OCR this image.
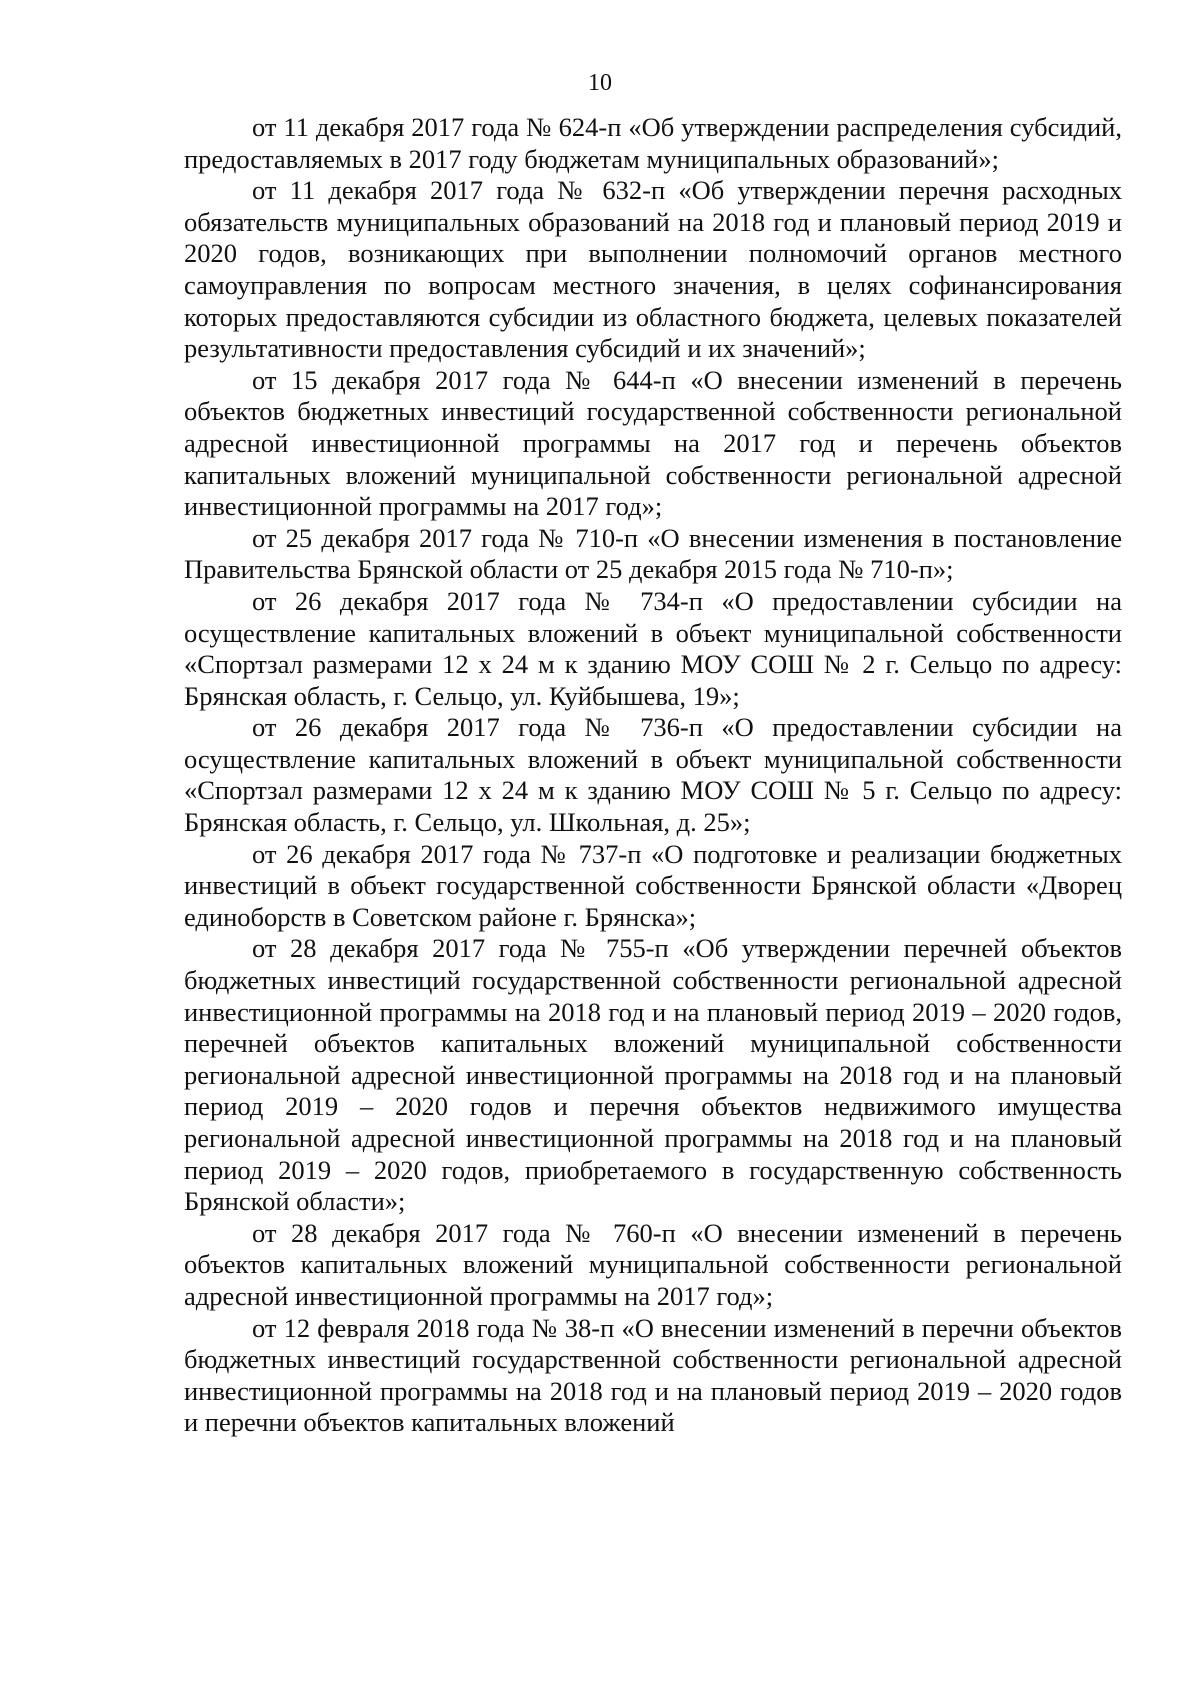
10

от 11 декабря 2017 года № 624-п «Об утверждении распределения субсидий, предоставляемых в 2017 году бюджетам муниципальных образований»;

от 11 декабря 2017 года № 632-п «Об утверждении перечня расходных обязательств муниципальных образований на 2018 год и плановый период 2019 и 2020 годов, возникающих при выполнении полномочий органов местного самоуправления по вопросам местного значения, в целях софинансирования которых предоставляются субсидии из областного бюджета, целевых показателей результативности предоставления субсидий и их значений»;

от 15 декабря 2017 года № 644-п «О внесении изменений в перечень объектов бюджетных инвестиций государственной собственности региональной адресной инвестиционной программы на 2017 год и перечень объектов капитальных вложений муниципальной собственности региональной адресной инвестиционной программы на 2017 год»;

от 25 декабря 2017 года № 710-п «О внесении изменения в постановление Правительства Брянской области от 25 декабря 2015 года № 710-п»;

от 26 декабря 2017 года № 734-п «О предоставлении субсидии на осуществление капитальных вложений в объект муниципальной собственности «Спортзал размерами 12 х 24 м к зданию МОУ СОШ № 2 г. Сельцо по адресу: Брянская область, г. Сельцо, ул. Куйбышева, 19»;

от 26 декабря 2017 года № 736-п «О предоставлении субсидии на осуществление капитальных вложений в объект муниципальной собственности «Спортзал размерами 12 х 24 м к зданию МОУ СОШ № 5 г. Сельцо по адресу: Брянская область, г. Сельцо, ул. Школьная, д. 25»;

от 26 декабря 2017 года № 737-п «О подготовке и реализации бюджетных инвестиций в объект государственной собственности Брянской области «Дворец единоборств в Советском районе г. Брянска»;

от 28 декабря 2017 года № 755-п «Об утверждении перечней объектов бюджетных инвестиций государственной собственности региональной адресной инвестиционной программы на 2018 год и на плановый период 2019 – 2020 годов, перечней объектов капитальных вложений муниципальной собственности региональной адресной инвестиционной программы на 2018 год и на плановый период 2019 – 2020 годов и перечня объектов недвижимого имущества региональной адресной инвестиционной программы на 2018 год и на плановый период 2019 – 2020 годов, приобретаемого в государственную собственность Брянской области»;

от 28 декабря 2017 года № 760-п «О внесении изменений в перечень объектов капитальных вложений муниципальной собственности региональной адресной инвестиционной программы на 2017 год»;

от 12 февраля 2018 года № 38-п «О внесении изменений в перечни объектов бюджетных инвестиций государственной собственности региональной адресной инвестиционной программы на 2018 год и на плановый период 2019 – 2020 годов и перечни объектов капитальных вложений
